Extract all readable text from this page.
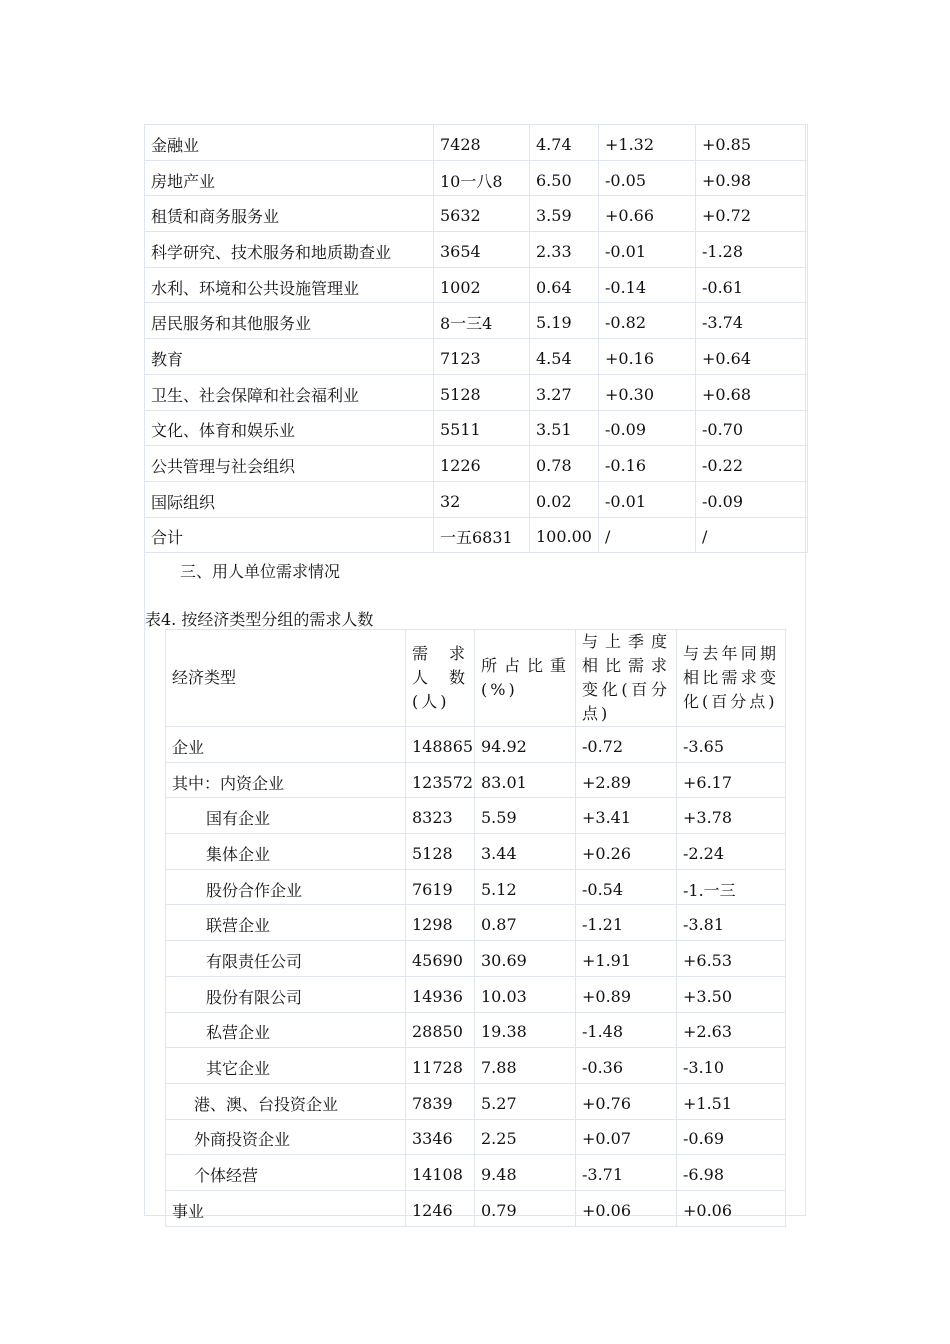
金融业	7428	4.74	+1.32	+0.85
房地产业	10一八8	6.50	-0.05	+0.98
租赁和商务服务业	5632	3.59	+0.66	+0.72
科学研究、技术服务和地质勘查业	3654	2.33	-0.01	-1.28
水利、环境和公共设施管理业	1002	0.64	-0.14	-0.61
居民服务和其他服务业	8一三4	5.19	-0.82	-3.74
教育	7123	4.54	+0.16	+0.64
卫生、社会保障和社会福利业	5128	3.27	+0.30	+0.68
文化、体育和娱乐业	5511	3.51	-0.09	-0.70
公共管理与社会组织	1226	0.78	-0.16	-0.22
国际组织	32	0.02	-0.01	-0.09
合计	一五6831	100.00	/	/
三、用人单位需求情况
表4. 按经济类型分组的需求人数
经济类型	需求人数(人)	所占比重(%)	与上季度相比需求变化(百分点)	与去年同期相比需求变化(百分点)
企业	148865	94.92	-0.72	-3.65
其中：内资企业	123572	83.01	+2.89	+6.17
国有企业	8323	5.59	+3.41	+3.78
集体企业	5128	3.44	+0.26	-2.24
股份合作企业	7619	5.12	-0.54	-1.一三
联营企业	1298	0.87	-1.21	-3.81
有限责任公司	45690	30.69	+1.91	+6.53
股份有限公司	14936	10.03	+0.89	+3.50
私营企业	28850	19.38	-1.48	+2.63
其它企业	11728	7.88	-0.36	-3.10
港、澳、台投资企业	7839	5.27	+0.76	+1.51
外商投资企业	3346	2.25	+0.07	-0.69
个体经营	14108	9.48	-3.71	-6.98
事业	1246	0.79	+0.06	+0.06
